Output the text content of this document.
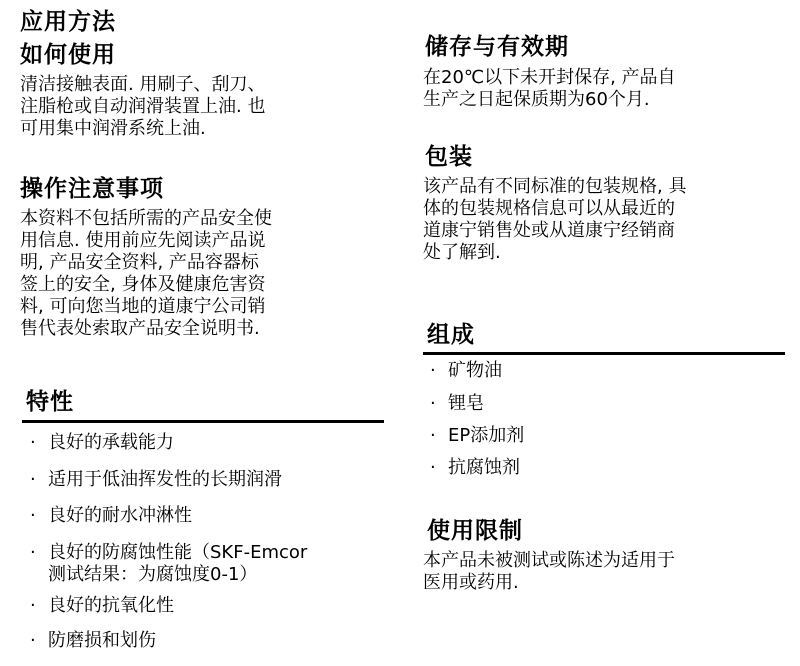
应用方法
如何使用
清洁接触表面. 用刷子、刮刀、
注脂枪或自动润滑装置上油. 也
可用集中润滑系统上油.
操作注意事项
本资料不包括所需的产品安全使
用信息. 使用前应先阅读产品说
明, 产品安全资料, 产品容器标
签上的安全, 身体及健康危害资
料, 可向您当地的道康宁公司销
售代表处索取产品安全说明书.
特性
· 良好的承载能力
· 适用于低油挥发性的长期润滑
· 良好的耐水冲淋性
· 良好的防腐蚀性能（SKF-Emcor
测试结果：为腐蚀度0-1）
· 良好的抗氧化性
· 防磨损和划伤
储存与有效期
在20℃以下未开封保存, 产品自
生产之日起保质期为60个月.
包装
该产品有不同标准的包装规格, 具
体的包装规格信息可以从最近的
道康宁销售处或从道康宁经销商
处了解到.
组成
· 矿物油
· 锂皂
· EP添加剂
· 抗腐蚀剂
使用限制
本产品未被测试或陈述为适用于
医用或药用.
